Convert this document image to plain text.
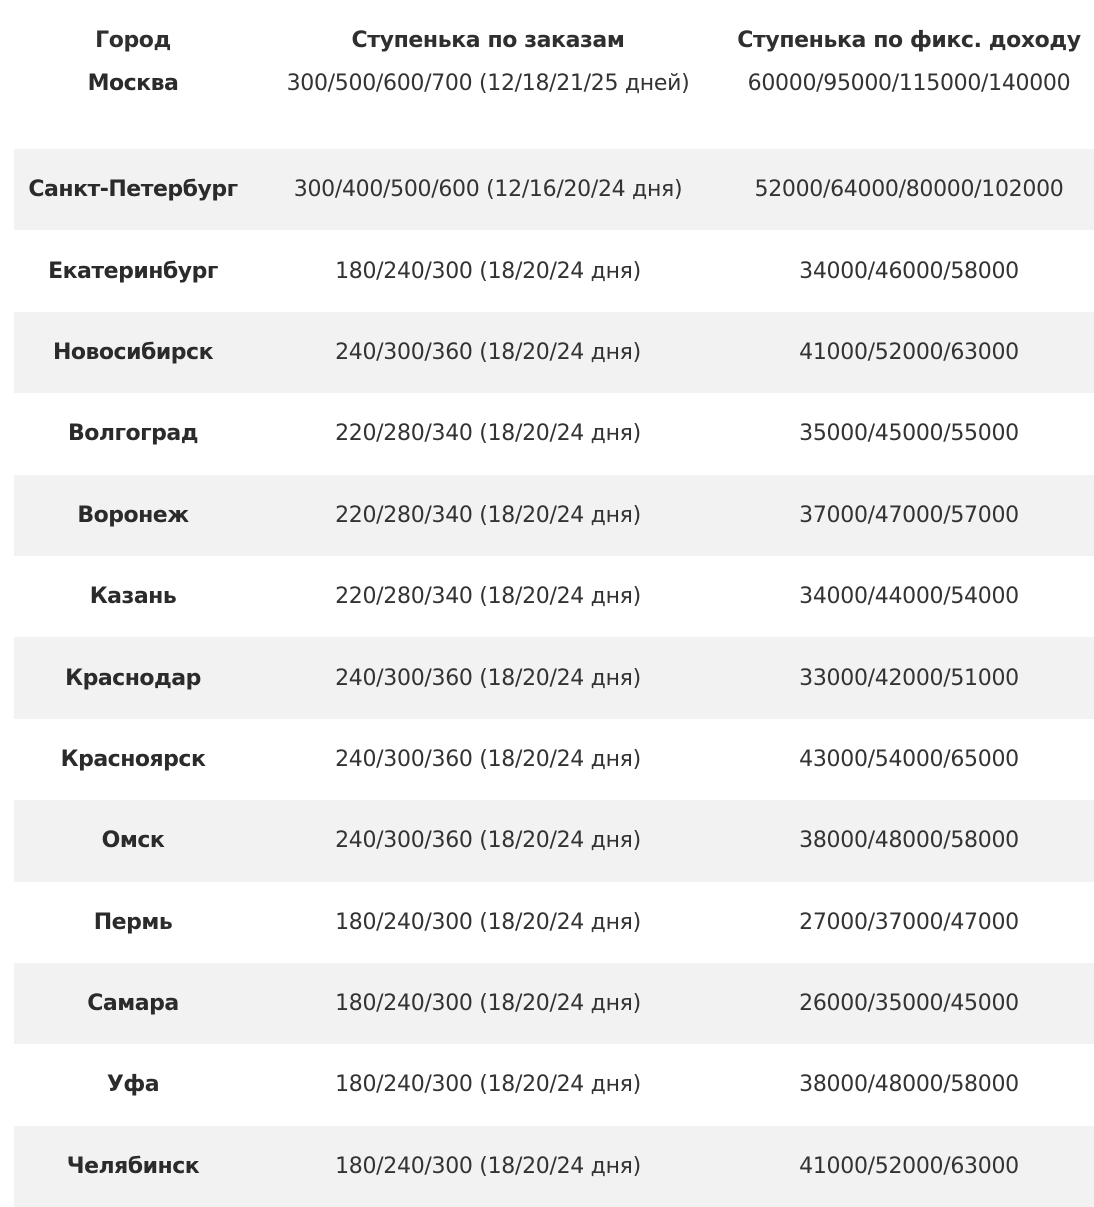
Город	Ступенька по заказам	Ступенька по фикс. доходу
Москва	300/500/600/700 (12/18/21/25 дней)	60000/95000/115000/140000
Санкт-Петербург	300/400/500/600 (12/16/20/24 дня)	52000/64000/80000/102000
Екатеринбург	180/240/300 (18/20/24 дня)	34000/46000/58000
Новосибирск	240/300/360 (18/20/24 дня)	41000/52000/63000
Волгоград	220/280/340 (18/20/24 дня)	35000/45000/55000
Воронеж	220/280/340 (18/20/24 дня)	37000/47000/57000
Казань	220/280/340 (18/20/24 дня)	34000/44000/54000
Краснодар	240/300/360 (18/20/24 дня)	33000/42000/51000
Красноярск	240/300/360 (18/20/24 дня)	43000/54000/65000
Омск	240/300/360 (18/20/24 дня)	38000/48000/58000
Пермь	180/240/300 (18/20/24 дня)	27000/37000/47000
Самара	180/240/300 (18/20/24 дня)	26000/35000/45000
Уфа	180/240/300 (18/20/24 дня)	38000/48000/58000
Челябинск	180/240/300 (18/20/24 дня)	41000/52000/63000
